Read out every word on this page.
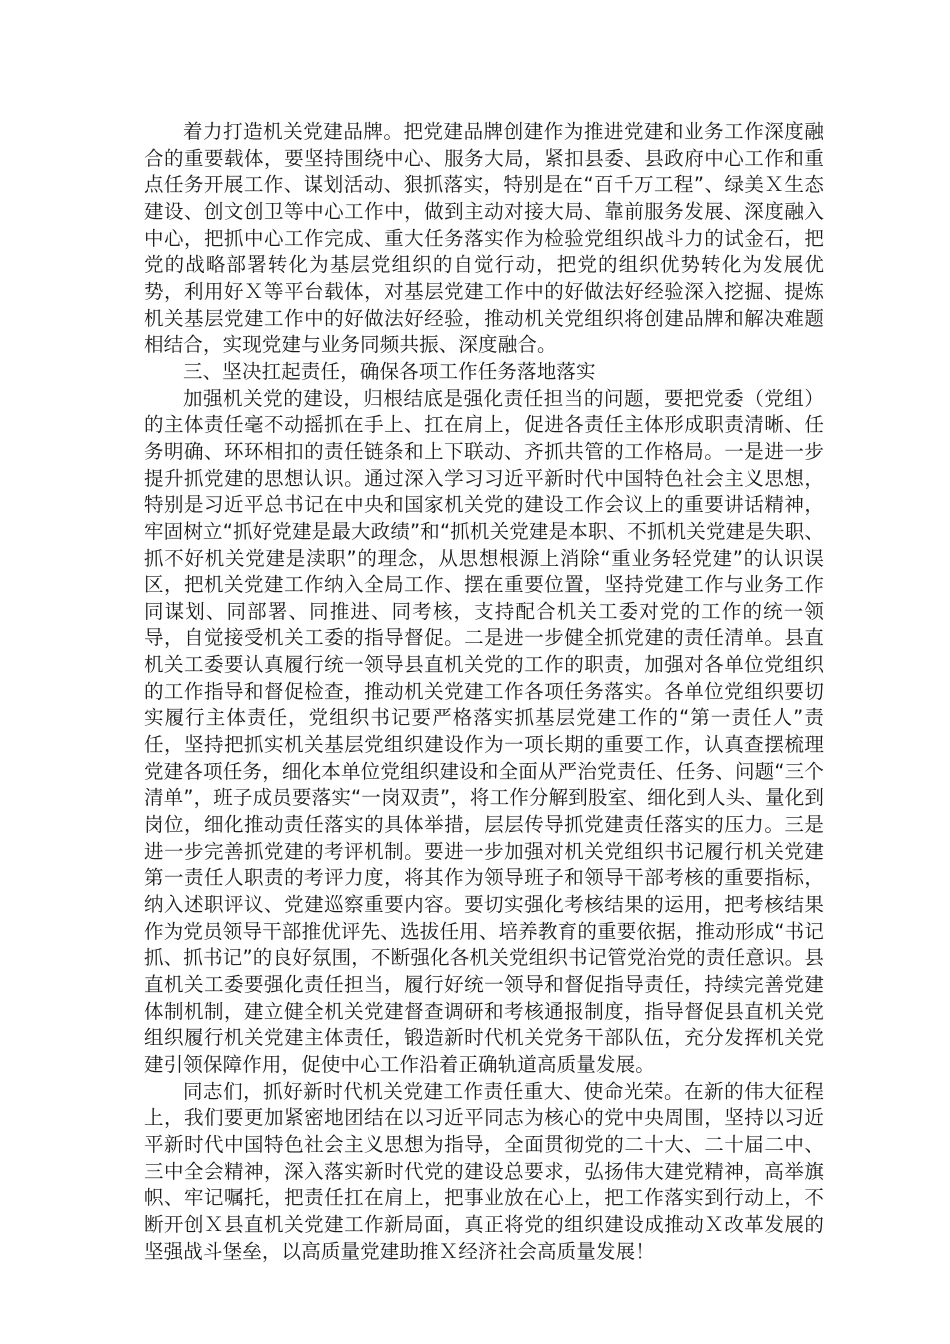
着力打造机关党建品牌。把党建品牌创建作为推进党建和业务工作深度融合的重要载体，要坚持围绕中心、服务大局，紧扣县委、县政府中心工作和重点任务开展工作、谋划活动、狠抓落实，特别是在“百千万工程”、绿美Ｘ生态建设、创文创卫等中心工作中，做到主动对接大局、靠前服务发展、深度融入中心，把抓中心工作完成、重大任务落实作为检验党组织战斗力的试金石，把党的战略部署转化为基层党组织的自觉行动，把党的组织优势转化为发展优势，利用好Ｘ等平台载体，对基层党建工作中的好做法好经验深入挖掘、提炼机关基层党建工作中的好做法好经验，推动机关党组织将创建品牌和解决难题相结合，实现党建与业务同频共振、深度融合。

三、坚决扛起责任，确保各项工作任务落地落实

加强机关党的建设，归根结底是强化责任担当的问题，要把党委（党组）的主体责任毫不动摇抓在手上、扛在肩上，促进各责任主体形成职责清晰、任务明确、环环相扣的责任链条和上下联动、齐抓共管的工作格局。一是进一步提升抓党建的思想认识。通过深入学习习近平新时代中国特色社会主义思想，特别是习近平总书记在中央和国家机关党的建设工作会议上的重要讲话精神，牢固树立“抓好党建是最大政绩”和“抓机关党建是本职、不抓机关党建是失职、抓不好机关党建是渎职”的理念，从思想根源上消除“重业务轻党建”的认识误区，把机关党建工作纳入全局工作、摆在重要位置，坚持党建工作与业务工作同谋划、同部署、同推进、同考核，支持配合机关工委对党的工作的统一领导，自觉接受机关工委的指导督促。二是进一步健全抓党建的责任清单。县直机关工委要认真履行统一领导县直机关党的工作的职责，加强对各单位党组织的工作指导和督促检查，推动机关党建工作各项任务落实。各单位党组织要切实履行主体责任，党组织书记要严格落实抓基层党建工作的“第一责任人”责任，坚持把抓实机关基层党组织建设作为一项长期的重要工作，认真查摆梳理党建各项任务，细化本单位党组织建设和全面从严治党责任、任务、问题“三个清单”，班子成员要落实“一岗双责”，将工作分解到股室、细化到人头、量化到岗位，细化推动责任落实的具体举措，层层传导抓党建责任落实的压力。三是进一步完善抓党建的考评机制。要进一步加强对机关党组织书记履行机关党建第一责任人职责的考评力度，将其作为领导班子和领导干部考核的重要指标，纳入述职评议、党建巡察重要内容。要切实强化考核结果的运用，把考核结果作为党员领导干部推优评先、选拔任用、培养教育的重要依据，推动形成“书记抓、抓书记”的良好氛围，不断强化各机关党组织书记管党治党的责任意识。县直机关工委要强化责任担当，履行好统一领导和督促指导责任，持续完善党建体制机制，建立健全机关党建督查调研和考核通报制度，指导督促县直机关党组织履行机关党建主体责任，锻造新时代机关党务干部队伍，充分发挥机关党建引领保障作用，促使中心工作沿着正确轨道高质量发展。

同志们，抓好新时代机关党建工作责任重大、使命光荣。在新的伟大征程上，我们要更加紧密地团结在以习近平同志为核心的党中央周围，坚持以习近平新时代中国特色社会主义思想为指导，全面贯彻党的二十大、二十届二中、三中全会精神，深入落实新时代党的建设总要求，弘扬伟大建党精神，高举旗帜、牢记嘱托，把责任扛在肩上，把事业放在心上，把工作落实到行动上，不断开创Ｘ县直机关党建工作新局面，真正将党的组织建设成推动Ｘ改革发展的坚强战斗堡垒，以高质量党建助推Ｘ经济社会高质量发展！
